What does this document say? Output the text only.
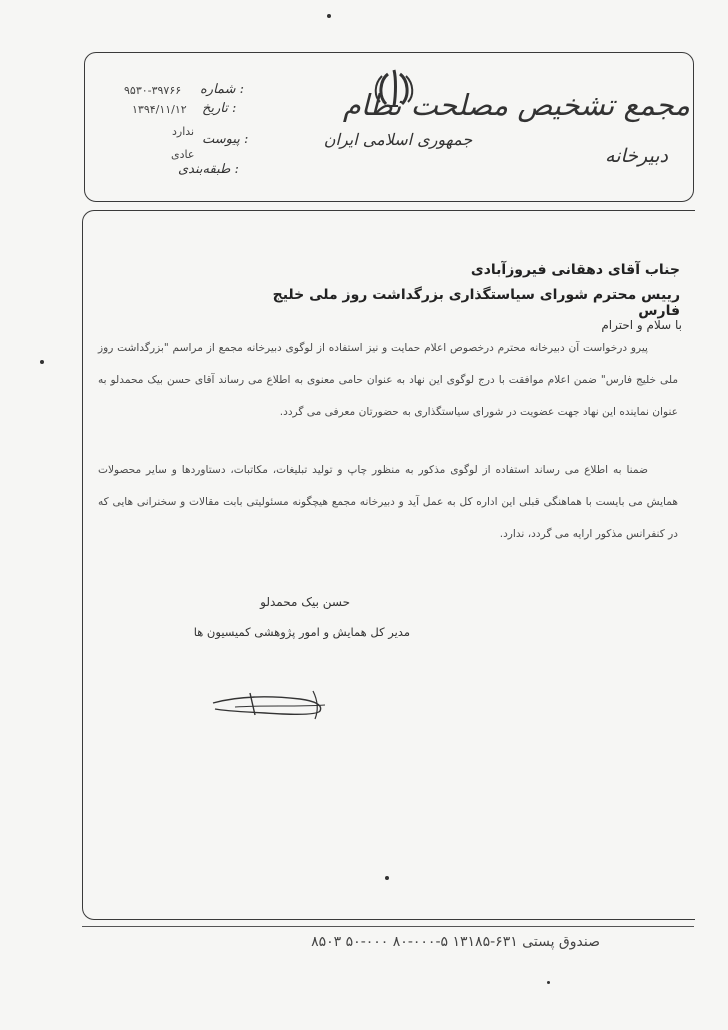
مجمع تشخیص مصلحت نظام
دبیرخانه
جمهوری اسلامی ایران
شماره :
۹۵۳۰-۳۹۷۶۶
تاریخ :
۱۳۹۴/۱۱/۱۲
پیوست :
ندارد
طبقه‌بندی :
عادی
جناب آقای دهقانی فیروزآبادی
رییس محترم شورای سیاستگذاری بزرگداشت روز ملی خلیج فارس
با سلام و احترام
پیرو درخواست آن دبیرخانه محترم درخصوص اعلام حمایت و نیز استفاده از لوگوی دبیرخانه مجمع از مراسم "بزرگداشت روز ملی خلیج فارس" ضمن اعلام موافقت با درج لوگوی این نهاد به عنوان حامی معنوی به اطلاع می رساند آقای حسن بیک محمدلو به عنوان نماینده این نهاد جهت عضویت در شورای سیاستگذاری به حضورتان معرفی می گردد.
ضمنا به اطلاع می رساند استفاده از لوگوی مذکور به منظور چاپ و تولید تبلیغات، مکاتبات، دستاوردها و سایر محصولات همایش می بایست با هماهنگی قبلی این اداره کل به عمل آید و دبیرخانه مجمع هیچگونه مسئولیتی بابت مقالات و سخنرانی هایی که در کنفرانس مذکور ارایه می گردد، ندارد.
حسن بیک محمدلو
مدیر کل همایش و امور پژوهشی کمیسیون ها
صندوق پستی ۶۳۱-۱۳۱۸۵ ۵-۰۰۰-۸۰ ۰۰۰-۵۰ ۸۵۰۳
